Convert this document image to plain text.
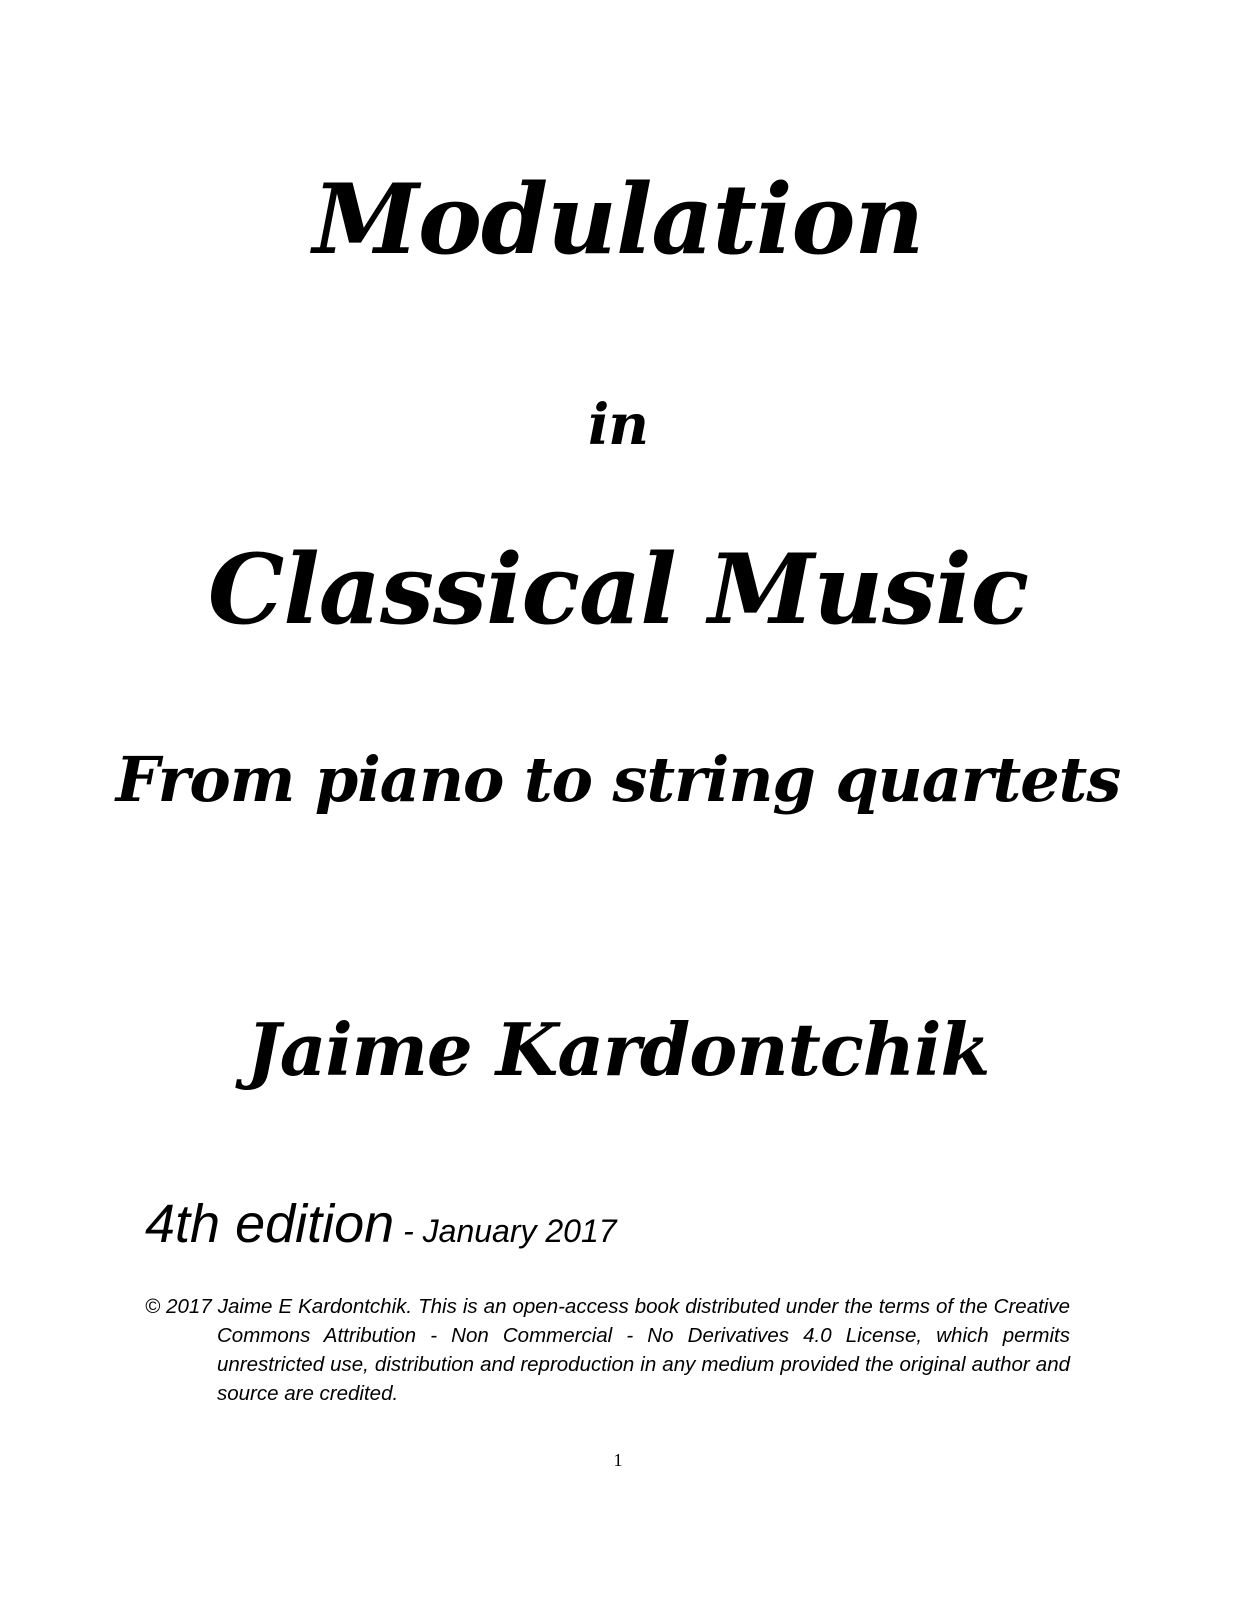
Modulation
in
Classical Music
From piano to string quartets
Jaime Kardontchik
4th edition - January 2017
© 2017 Jaime E Kardontchik. This is an open-access book distributed under the terms of the Creative Commons Attribution - Non Commercial - No Derivatives 4.0 License, which permits unrestricted use, distribution and reproduction in any medium provided the original author and source are credited.
1
